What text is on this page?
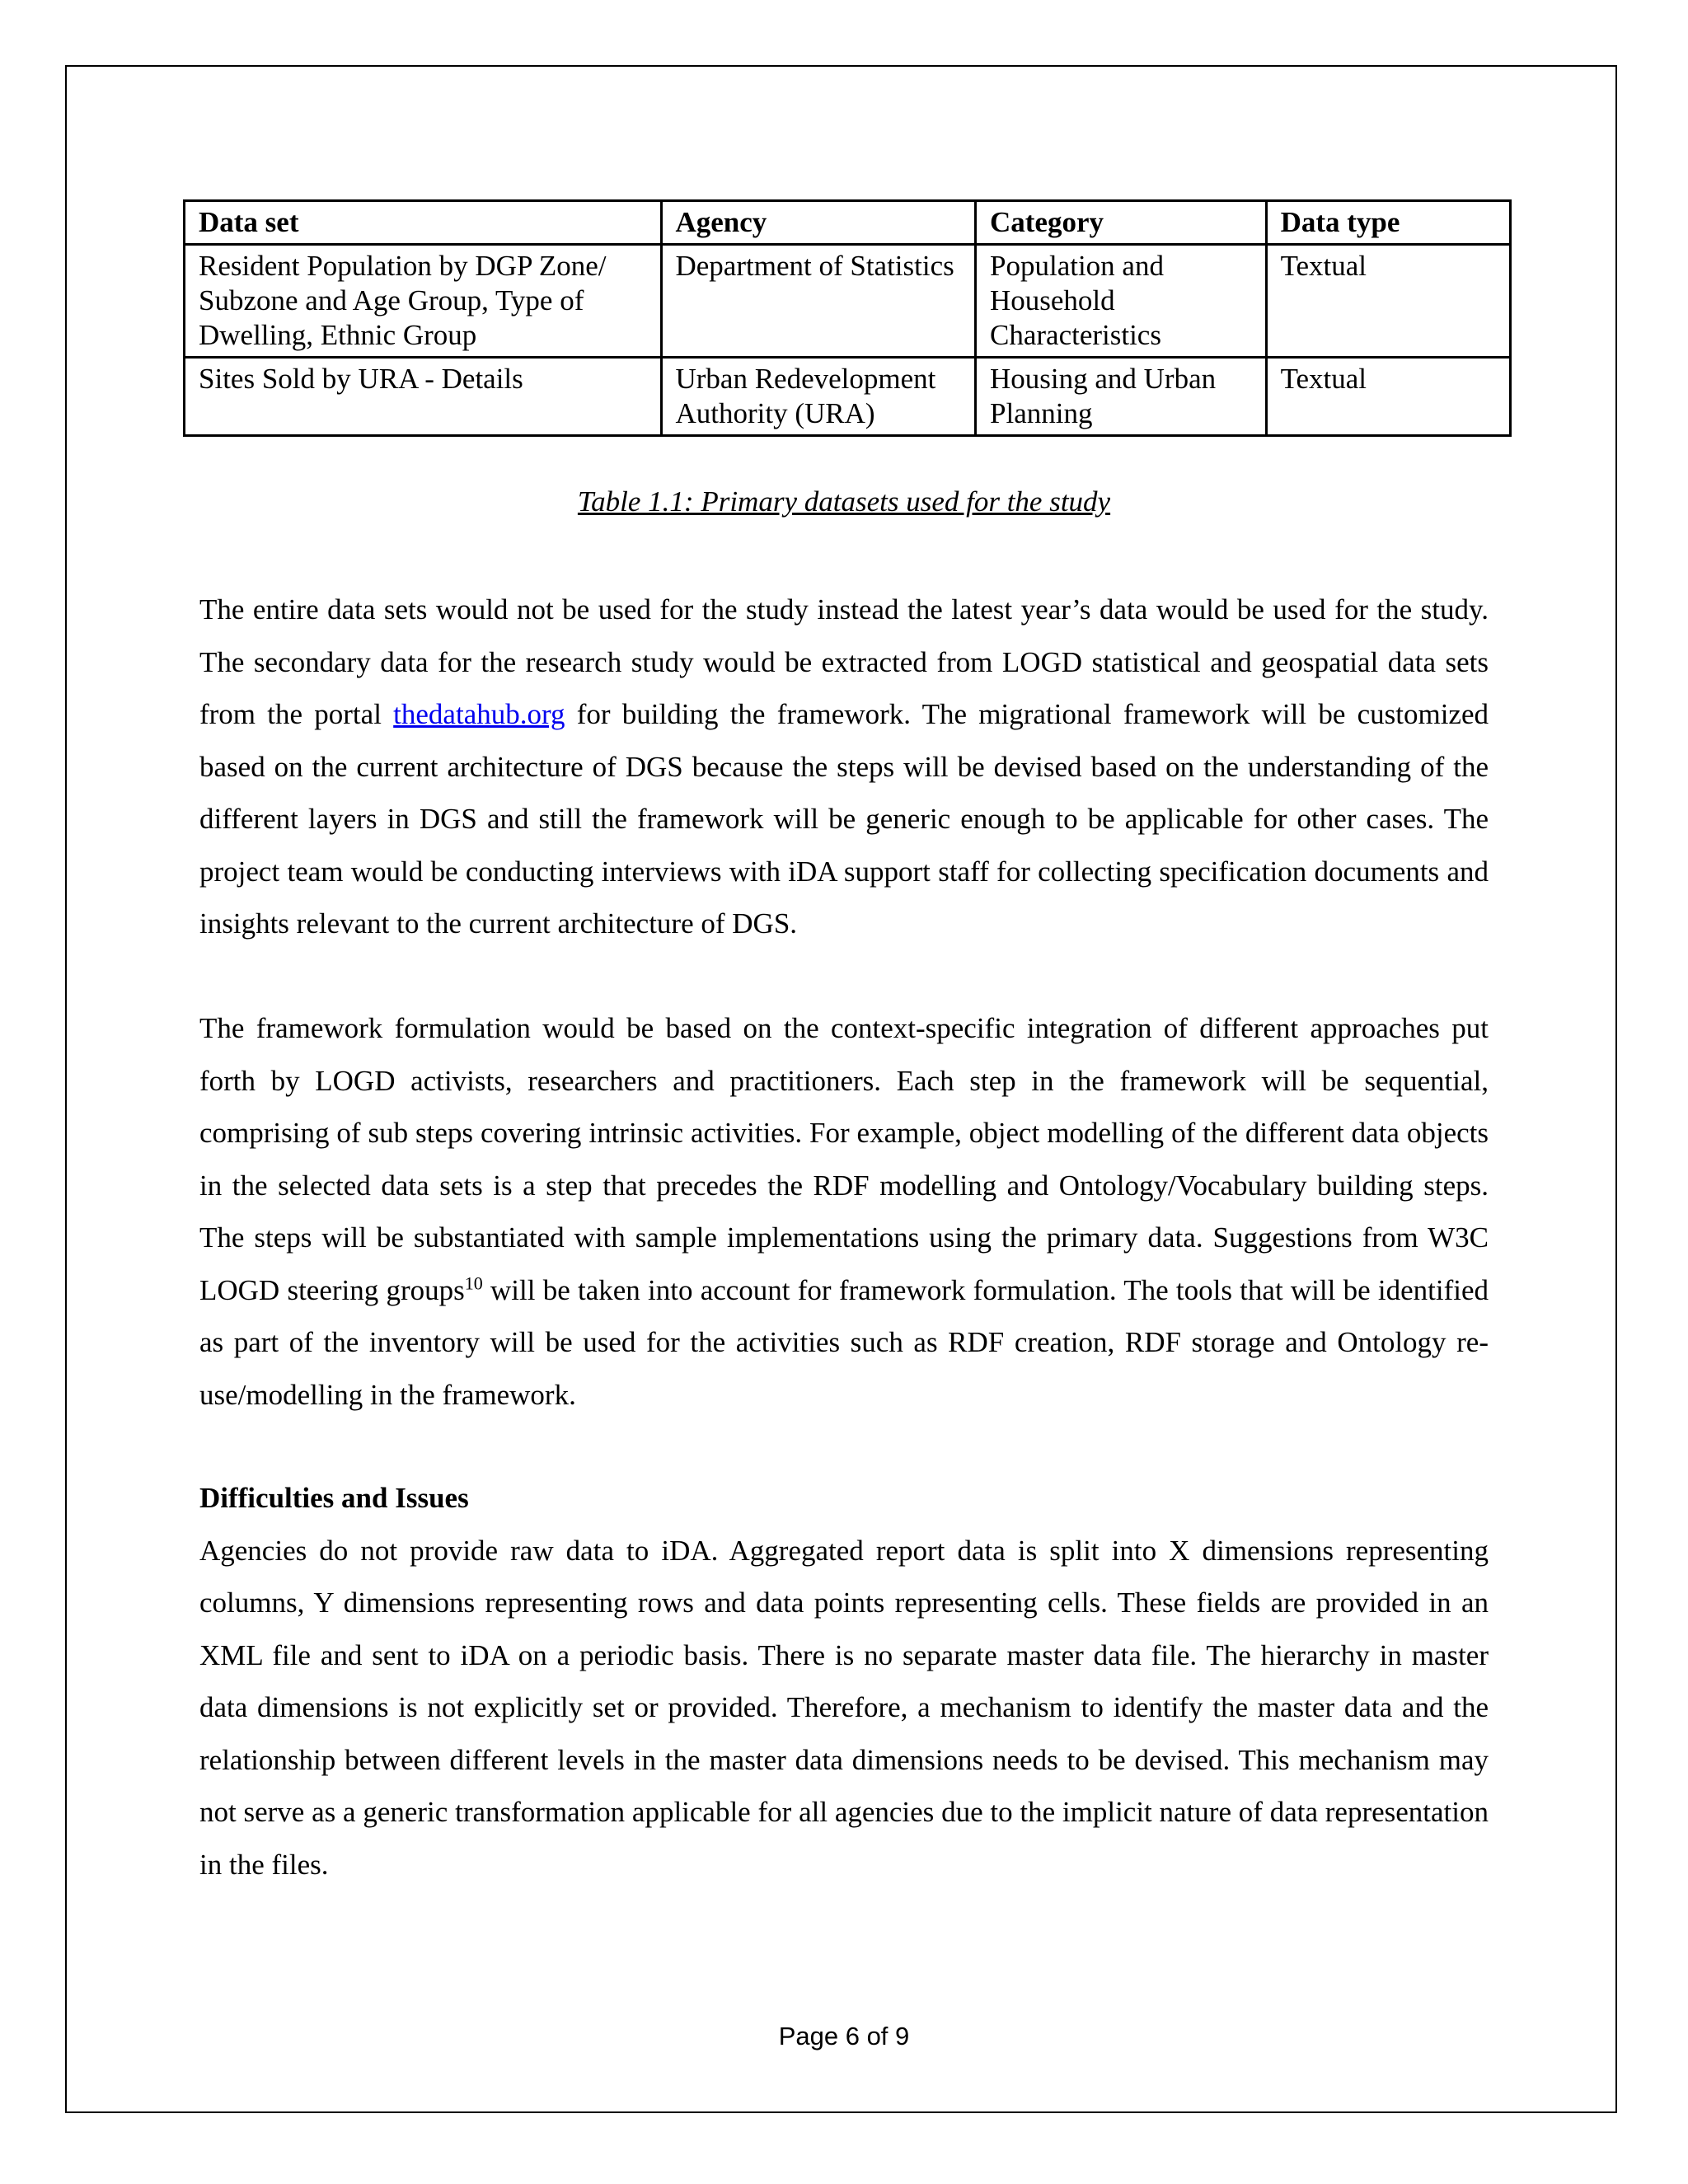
Data set	Agency	Category	Data type
Resident Population by DGP Zone/ Subzone and Age Group, Type of Dwelling, Ethnic Group	Department of Statistics	Population and Household Characteristics	Textual
Sites Sold by URA - Details	Urban Redevelopment Authority (URA)	Housing and Urban Planning	Textual
Table 1.1: Primary datasets used for the study

The entire data sets would not be used for the study instead the latest year’s data would be used for the study. The secondary data for the research study would be extracted from LOGD statistical and geospatial data sets from the portal thedatahub.org for building the framework. The migrational framework will be customized based on the current architecture of DGS because the steps will be devised based on the understanding of the different layers in DGS and still the framework will be generic enough to be applicable for other cases. The project team would be conducting interviews with iDA support staff for collecting specification documents and insights relevant to the current architecture of DGS.

The framework formulation would be based on the context-specific integration of different approaches put forth by LOGD activists, researchers and practitioners. Each step in the framework will be sequential, comprising of sub steps covering intrinsic activities. For example, object modelling of the different data objects in the selected data sets is a step that precedes the RDF modelling and Ontology/Vocabulary building steps. The steps will be substantiated with sample implementations using the primary data. Suggestions from W3C LOGD steering groups$^{10}$ will be taken into account for framework formulation. The tools that will be identified as part of the inventory will be used for the activities such as RDF creation, RDF storage and Ontology re-use/modelling in the framework.

Difficulties and Issues

Agencies do not provide raw data to iDA. Aggregated report data is split into X dimensions representing columns, Y dimensions representing rows and data points representing cells. These fields are provided in an XML file and sent to iDA on a periodic basis. There is no separate master data file. The hierarchy in master data dimensions is not explicitly set or provided. Therefore, a mechanism to identify the master data and the relationship between different levels in the master data dimensions needs to be devised. This mechanism may not serve as a generic transformation applicable for all agencies due to the implicit nature of data representation in the files.

Page 6 of 9
